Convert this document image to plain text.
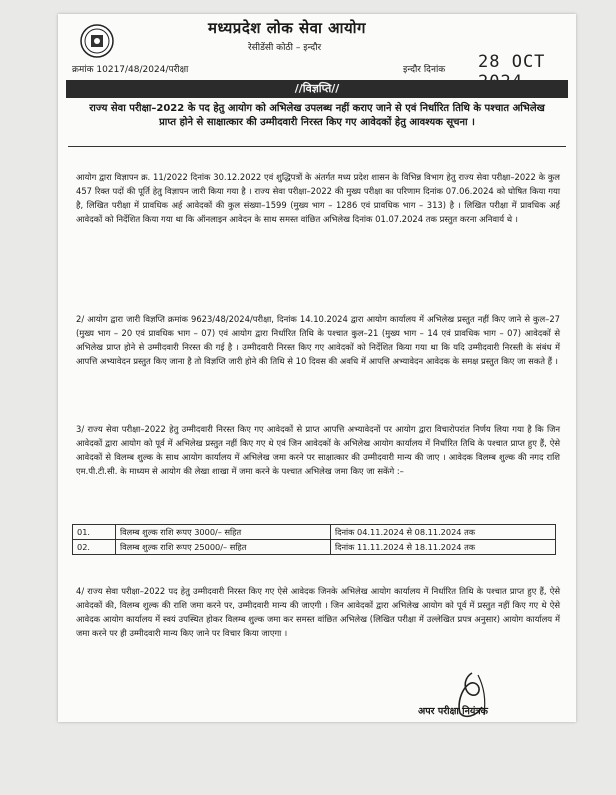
मध्यप्रदेश लोक सेवा आयोग
रेसीडेंसी कोठी – इन्दौर
क्रमांक 10217/48/2024/परीक्षा	इन्दौर दिनांक 28 OCT
//विज्ञप्ति//
राज्य सेवा परीक्षा–2022 के पद हेतु आयोग को अभिलेख उपलब्ध नहीं कराए जाने से एवं निर्धारित तिथि के पश्चात अभिलेख प्राप्त होने से साक्षात्कार की उम्मीदवारी निरस्त किए गए आवेदकों हेतु आवश्यक सूचना ।

आयोग द्वारा विज्ञापन क्र. 11/2022 दिनांक 30.12.2022 एवं शुद्धिपत्रों के अंतर्गत मध्य प्रदेश शासन के विभिन्न विभाग हेतु राज्य सेवा परीक्षा–2022 के कुल 457 रिक्त पदों की पूर्ति हेतु विज्ञापन जारी किया गया है । राज्य सेवा परीक्षा–2022 की मुख्य परीक्षा का परिणाम दिनांक 07.06.2024 को घोषित किया गया है, लिखित परीक्षा में प्रावधिक अर्ह आवेदकों की कुल संख्या–1599 (मुख्य भाग – 1286 एवं प्रावधिक भाग – 313) है । लिखित परीक्षा में प्रावधिक अर्ह आवेदकों को निर्देशित किया गया था कि ऑनलाइन आवेदन के साथ समस्त वांछित अभिलेख दिनांक 01.07.2024 तक प्रस्तुत करना अनिवार्य थे ।

2/ आयोग द्वारा जारी विज्ञप्ति क्रमांक 9623/48/2024/परीक्षा, दिनांक 14.10.2024 द्वारा आयोग कार्यालय में अभिलेख प्रस्तुत नहीं किए जाने से कुल–27 (मुख्य भाग – 20 एवं प्रावधिक भाग – 07) एवं आयोग द्वारा निर्धारित तिथि के पश्चात कुल–21 (मुख्य भाग – 14 एवं प्रावधिक भाग – 07) आवेदकों से अभिलेख प्राप्त होने से उम्मीदवारी निरस्त की गई है । उम्मीदवारी निरस्त किए गए आवेदकों को निर्देशित किया गया था कि यदि उम्मीदवारी निरस्ती के संबंध में आपत्ति अभ्यावेदन प्रस्तुत किए जाना है तो विज्ञप्ति जारी होने की तिथि से 10 दिवस की अवधि में आपत्ति अभ्यावेदन आवेदक के समक्ष प्रस्तुत किए जा सकते हैं ।

3/ राज्य सेवा परीक्षा–2022 हेतु उम्मीदवारी निरस्त किए गए आवेदकों से प्राप्त आपत्ति अभ्यावेदनों पर आयोग द्वारा विचारोपरांत निर्णय लिया गया है कि जिन आवेदकों द्वारा आयोग को पूर्व में अभिलेख प्रस्तुत नहीं किए गए थे एवं जिन आवेदकों के अभिलेख आयोग कार्यालय में निर्धारित तिथि के पश्चात प्राप्त हुए हैं, ऐसे आवेदकों से विलम्ब शुल्क के साथ आयोग कार्यालय में अभिलेख जमा करने पर साक्षात्कार की उम्मीदवारी मान्य की जाए । आवेदक विलम्ब शुल्क की नगद राशि एम.पी.टी.सी. के माध्यम से आयोग की लेखा शाखा में जमा करने के पश्चात अभिलेख जमा किए जा सकेंगे :–

01.	विलम्ब शुल्क राशि रूपए 3000/– सहित	दिनांक 04.11.2024 से 08.11.2024 तक
02.	विलम्ब शुल्क राशि रूपए 25000/– सहित	दिनांक 11.11.2024 से 18.11.2024 तक

4/ राज्य सेवा परीक्षा–2022 पद हेतु उम्मीदवारी निरस्त किए गए ऐसे आवेदक जिनके अभिलेख आयोग कार्यालय में निर्धारित तिथि के पश्चात प्राप्त हुए हैं, ऐसे आवेदकों की, विलम्ब शुल्क की राशि जमा करने पर, उम्मीदवारी मान्य की जाएगी । जिन आवेदकों द्वारा अभिलेख आयोग को पूर्व में प्रस्तुत नहीं किए गए थे ऐसे आवेदक आयोग कार्यालय में स्वयं उपस्थित होकर विलम्ब शुल्क जमा कर समस्त वांछित अभिलेख (लिखित परीक्षा में उल्लेखित प्रपत्र अनुसार) आयोग कार्यालय में जमा करने पर ही उम्मीदवारी मान्य किए जाने पर विचार किया जाएगा ।

अपर परीक्षा नियंत्रक
